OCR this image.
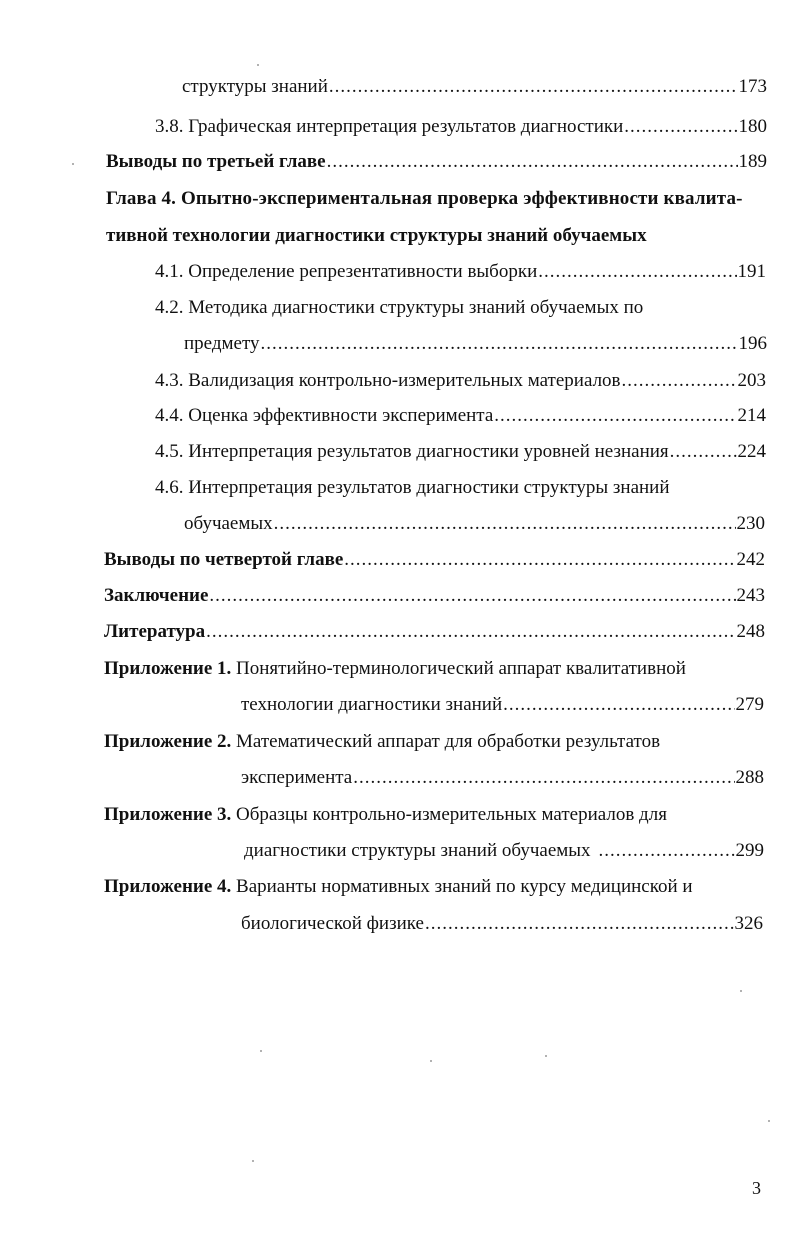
структуры знаний .....	173
3.8. Графическая интерпретация результатов диагностики .....	180
Выводы по третьей главе .....	189
Глава 4. Опытно-экспериментальная проверка эффективности квалита-
тивной технологии диагностики структуры знаний обучаемых
4.1. Определение репрезентативности выборки .....	191
4.2. Методика диагностики структуры знаний обучаемых по
предмету .....	196
4.3. Валидизация контрольно-измерительных материалов .....	203
4.4. Оценка эффективности эксперимента .....	214
4.5. Интерпретация результатов диагностики уровней незнания .....	224
4.6. Интерпретация результатов диагностики структуры знаний
обучаемых .....	230
Выводы по четвертой главе .....	242
Заключение .....	243
Литература .....	248
Приложение 1. Понятийно-терминологический аппарат квалитативной
технологии диагностики знаний .....	279
Приложение 2. Математический аппарат для обработки результатов
эксперимента .....	288
Приложение 3. Образцы контрольно-измерительных материалов для
диагностики структуры знаний обучаемых .....	299
Приложение 4. Варианты нормативных знаний по курсу медицинской и
биологической физике .....	326
3
